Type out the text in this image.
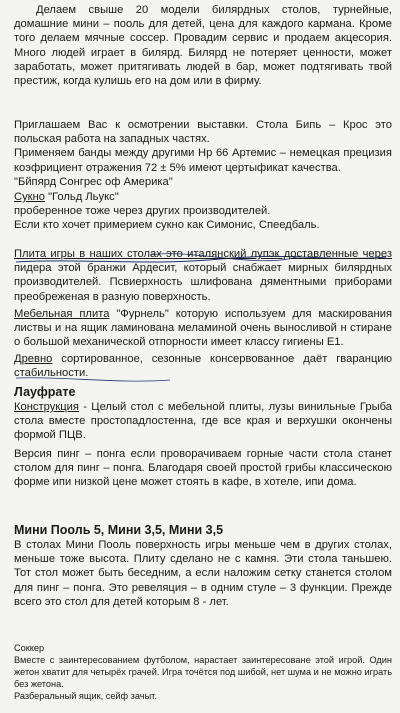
Делаем свыше 20 модели билярдных столов, турнейные, домашние мини – пооль для детей, цена для каждого кармана. Кроме того делаем мячные соссер. Провадим сервис и продаем акцесория. Много людей играет в билярд. Билярд не потеряет ценности, может заработать, может притягивать людей в бар, может подтягивать твой престиж, когда кулишь его на дом или в фирму.

Приглашаем Вас к осмотрении выставки. Стола Бипь – Крос это польская работа на западных частях.

Применяем банды между другими Нр 66 Артемис – немецкая прецизия коэфрициент отражения 72 ± 5% имеют цертыфикат качества.

"Бйпярд Сонгрес оф Америка"

Сукно "Гольд Льукс"

проберенное тоже через других производителей.

Если кто хочет примерием сукно как Симонис, Спеедбаль.

Плита игры в наших столах это италянский лупэк доставленные через пидера этой бранжи Ардесит, который снабжает мирных билярдных производителей. Псвиерхность шлифована дяментными приборами преобреженая в разную поверхность.

Мебельная плита "Фурнель" которую используем для маскирования листвы и на ящик ламинована меламиной очень выносливой н стиране о большой механической отпорности имеет классу гигиены Е1.

Древно сортированное, сезонные консервованное даёт гваранцию стабильности.

Лауфрате

Конструкция - Целый стол с мебельной плиты, лузы винильные Грыба стола вместе простопадлостенна, где все края и верхушки окончены формой ПЦВ.

Версия пинг – понга если проворачиваем горные части стола станет столом для пинг – понга. Благодаря своей простой грибы классическою форме ипи низкой цене может стоять в кафе, в хотеле, ипи дома.

Мини Пооль 5, Мини 3,5, Мини 3,5

В столах Мини Пооль поверхность игры меньше чем в других столах, меньше тоже высота. Плиту сделано не с камня. Эти стола таньшею. Тот стол может быть беседним, а если наложим сетку станется столом для пинг – понга. Это ревеляция – в одним стуле – 3 функции. Прежде всего это стол для детей которым 8 - лет.

Соккер

Вместе с заинтересованием футболом, нарастает заинтересоване этой игрой. Один жетон хватит для четырёх грачей. Игра точётся под шибой, нет шума и не можно играть без жетона.

Разберальный ящик, сейф зачыт.
